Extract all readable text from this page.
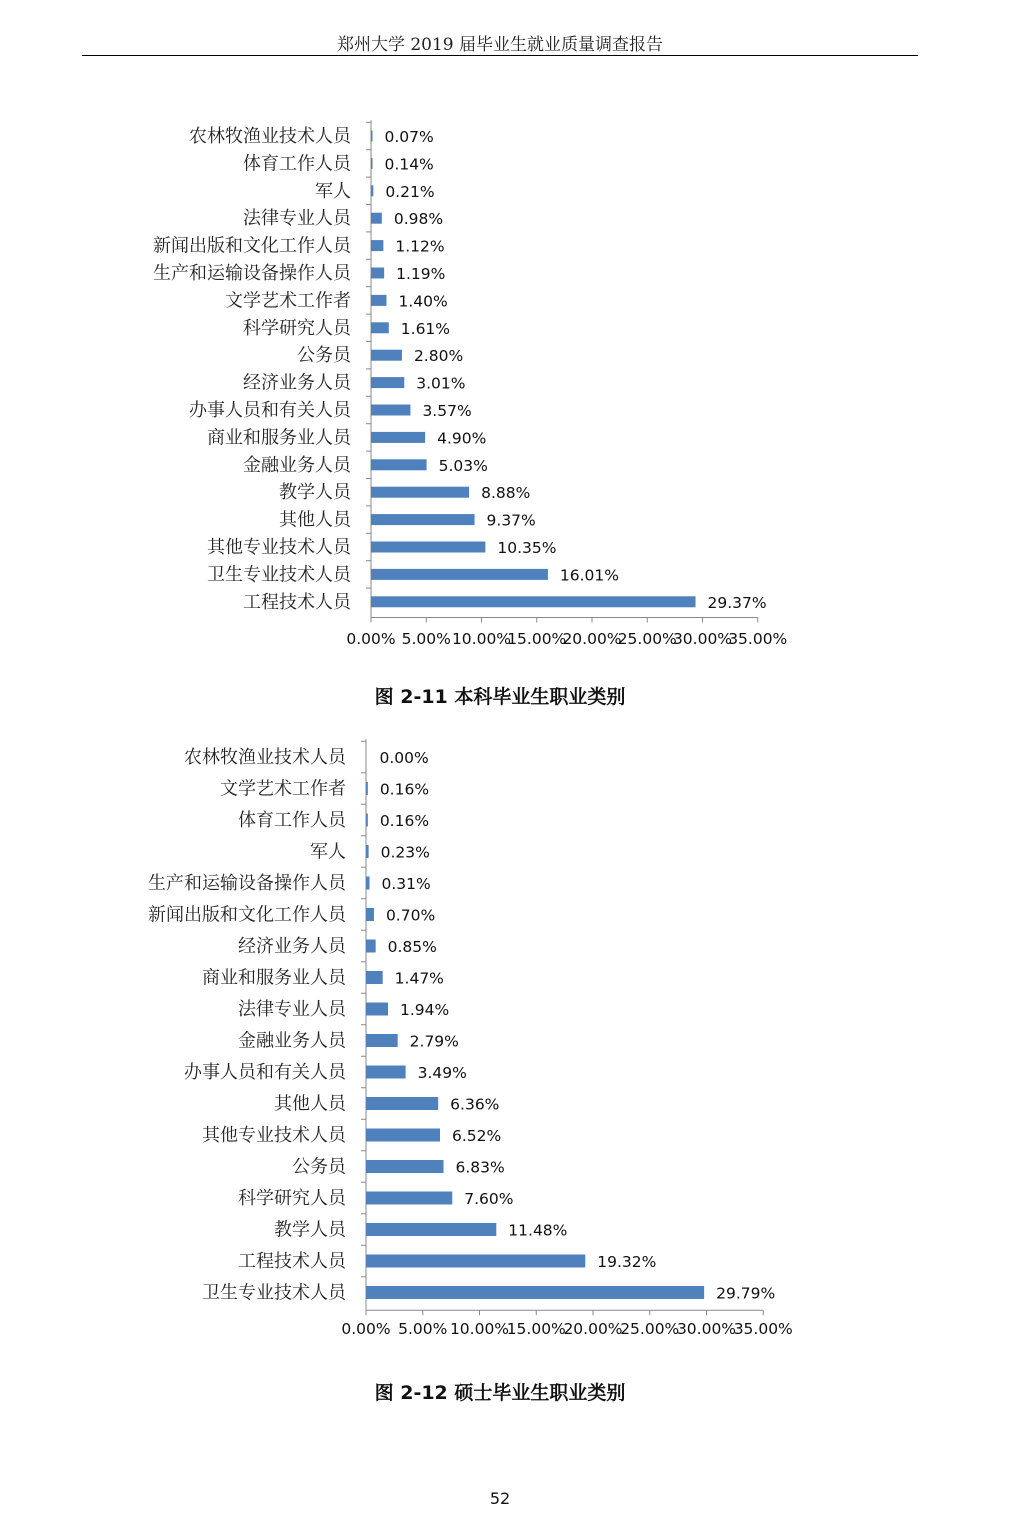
郑州大学 2019 届毕业生就业质量调查报告
0.00% 5.00% 10.00%
15.00%
20.00%
25.00%
30.00%
35.00%
农林牧渔业技术人员 0.07%
体育工作人员 0.14%
军人 0.21%
法律专业人员	0.98%
新闻出版和文化工作人员	1.12%
生产和运输设备操作人员	1.19%
文学艺术工作者	1.40%
科学研究人员	1.61%
公务员	2.80%
经济业务人员	3.01%
办事人员和有关人员	3.57%
商业和服务业人员	4.90%
金融业务人员	5.03%
教学人员	8.88%
其他人员	9.37%
其他专业技术人员	10.35%
卫生专业技术人员	16.01%
工程技术人员	29.37%
图 2-11 本科毕业生职业类别
0.00% 5.00% 10.00%
15.00%
20.00%
25.00%
30.00%
35.00%
农林牧渔业技术人员 0.00%
文学艺术工作者 0.16%
体育工作人员 0.16%
军人 0.23%
生产和运输设备操作人员 0.31%
新闻出版和文化工作人员	0.70%
经济业务人员	0.85%
商业和服务业人员	1.47%
法律专业人员	1.94%
金融业务人员	2.79%
办事人员和有关人员	3.49%
其他人员	6.36%
其他专业技术人员	6.52%
公务员	6.83%
科学研究人员	7.60%
教学人员	11.48%
工程技术人员	19.32%
卫生专业技术人员	29.79%
图 2-12 硕士毕业生职业类别
52
